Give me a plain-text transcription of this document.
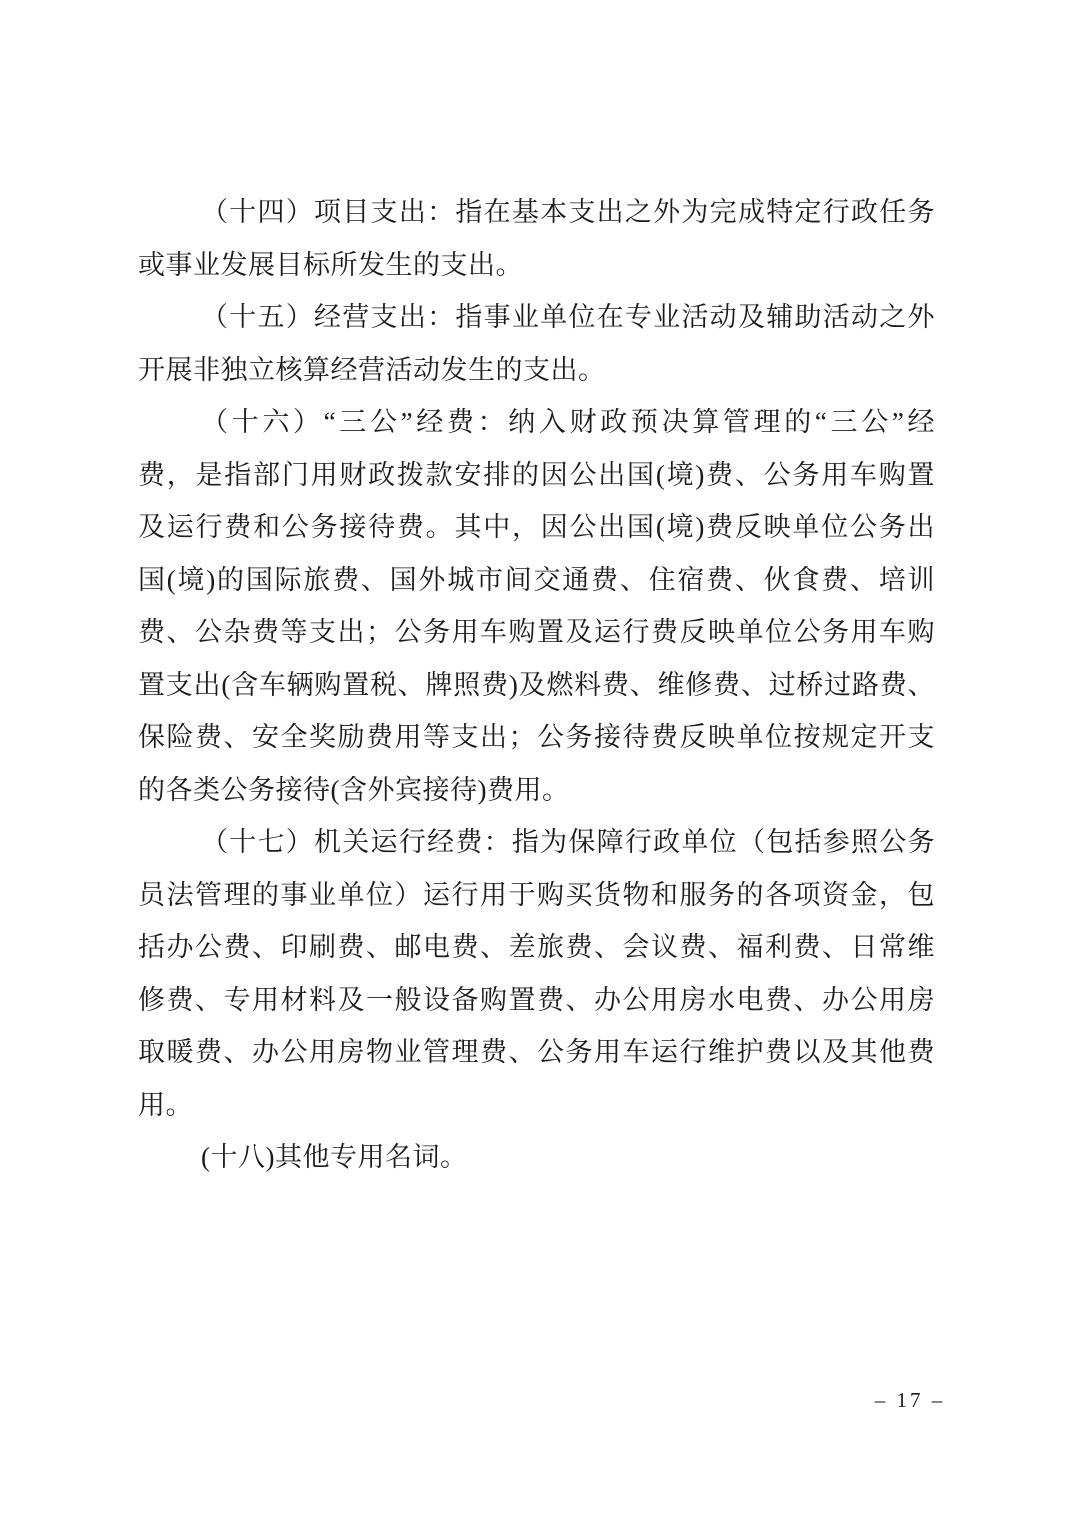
（十四）项目支出：指在基本支出之外为完成特定行政任务
或事业发展目标所发生的支出。
（十五）经营支出：指事业单位在专业活动及辅助活动之外
开展非独立核算经营活动发生的支出。
（十六）“三公”经费：纳入财政预决算管理的“三公”经
费，是指部门用财政拨款安排的因公出国(境)费、公务用车购置
及运行费和公务接待费。其中，因公出国(境)费反映单位公务出
国(境)的国际旅费、国外城市间交通费、住宿费、伙食费、培训
费、公杂费等支出；公务用车购置及运行费反映单位公务用车购
置支出(含车辆购置税、牌照费)及燃料费、维修费、过桥过路费、
保险费、安全奖励费用等支出；公务接待费反映单位按规定开支
的各类公务接待(含外宾接待)费用。
（十七）机关运行经费：指为保障行政单位（包括参照公务
员法管理的事业单位）运行用于购买货物和服务的各项资金，包
括办公费、印刷费、邮电费、差旅费、会议费、福利费、日常维
修费、专用材料及一般设备购置费、办公用房水电费、办公用房
取暖费、办公用房物业管理费、公务用车运行维护费以及其他费
用。
(十八)其他专用名词。
– 17 –
